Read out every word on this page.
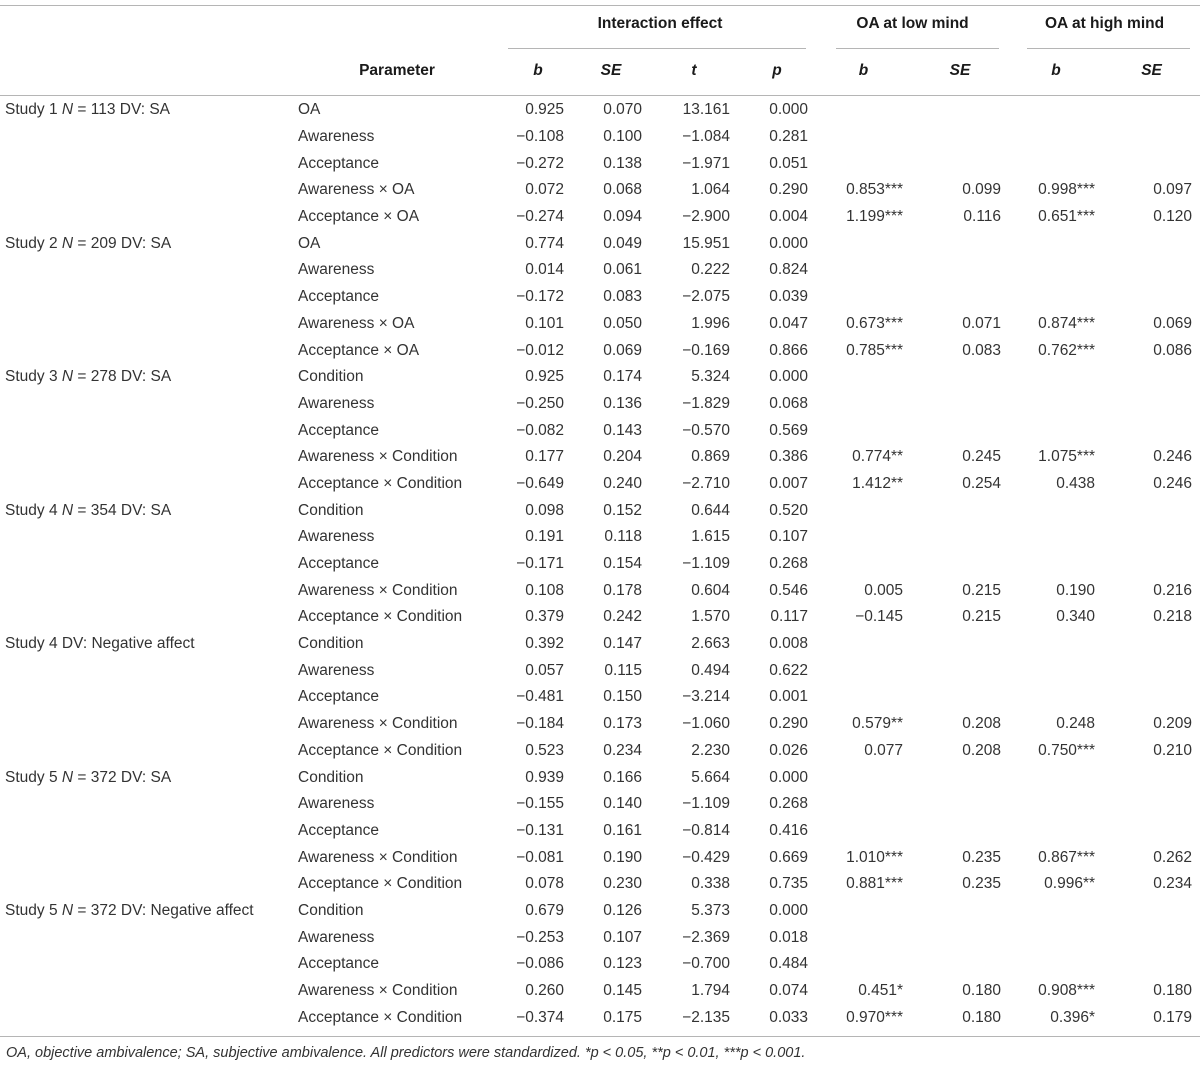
		Interaction effect				OA at low mind		OA at high mind	
	Parameter	b	SE	t	p	b	SE	b	SE
Study 1 N = 113 DV: SA	OA	0.925	0.070	13.161	0.000				
	Awareness	−0.108	0.100	−1.084	0.281				
	Acceptance	−0.272	0.138	−1.971	0.051				
	Awareness × OA	0.072	0.068	1.064	0.290	0.853***	0.099	0.998***	0.097
	Acceptance × OA	−0.274	0.094	−2.900	0.004	1.199***	0.116	0.651***	0.120
Study 2 N = 209 DV: SA	OA	0.774	0.049	15.951	0.000				
	Awareness	0.014	0.061	0.222	0.824				
	Acceptance	−0.172	0.083	−2.075	0.039				
	Awareness × OA	0.101	0.050	1.996	0.047	0.673***	0.071	0.874***	0.069
	Acceptance × OA	−0.012	0.069	−0.169	0.866	0.785***	0.083	0.762***	0.086
Study 3 N = 278 DV: SA	Condition	0.925	0.174	5.324	0.000				
	Awareness	−0.250	0.136	−1.829	0.068				
	Acceptance	−0.082	0.143	−0.570	0.569				
	Awareness × Condition	0.177	0.204	0.869	0.386	0.774**	0.245	1.075***	0.246
	Acceptance × Condition	−0.649	0.240	−2.710	0.007	1.412**	0.254	0.438	0.246
Study 4 N = 354 DV: SA	Condition	0.098	0.152	0.644	0.520				
	Awareness	0.191	0.118	1.615	0.107				
	Acceptance	−0.171	0.154	−1.109	0.268				
	Awareness × Condition	0.108	0.178	0.604	0.546	0.005	0.215	0.190	0.216
	Acceptance × Condition	0.379	0.242	1.570	0.117	−0.145	0.215	0.340	0.218
Study 4 DV: Negative affect	Condition	0.392	0.147	2.663	0.008				
	Awareness	0.057	0.115	0.494	0.622				
	Acceptance	−0.481	0.150	−3.214	0.001				
	Awareness × Condition	−0.184	0.173	−1.060	0.290	0.579**	0.208	0.248	0.209
	Acceptance × Condition	0.523	0.234	2.230	0.026	0.077	0.208	0.750***	0.210
Study 5 N = 372 DV: SA	Condition	0.939	0.166	5.664	0.000				
	Awareness	−0.155	0.140	−1.109	0.268				
	Acceptance	−0.131	0.161	−0.814	0.416				
	Awareness × Condition	−0.081	0.190	−0.429	0.669	1.010***	0.235	0.867***	0.262
	Acceptance × Condition	0.078	0.230	0.338	0.735	0.881***	0.235	0.996**	0.234
Study 5 N = 372 DV: Negative affect	Condition	0.679	0.126	5.373	0.000				
	Awareness	−0.253	0.107	−2.369	0.018				
	Acceptance	−0.086	0.123	−0.700	0.484				
	Awareness × Condition	0.260	0.145	1.794	0.074	0.451*	0.180	0.908***	0.180
	Acceptance × Condition	−0.374	0.175	−2.135	0.033	0.970***	0.180	0.396*	0.179
OA, objective ambivalence; SA, subjective ambivalence. All predictors were standardized. *p < 0.05, **p < 0.01, ***p < 0.001.
